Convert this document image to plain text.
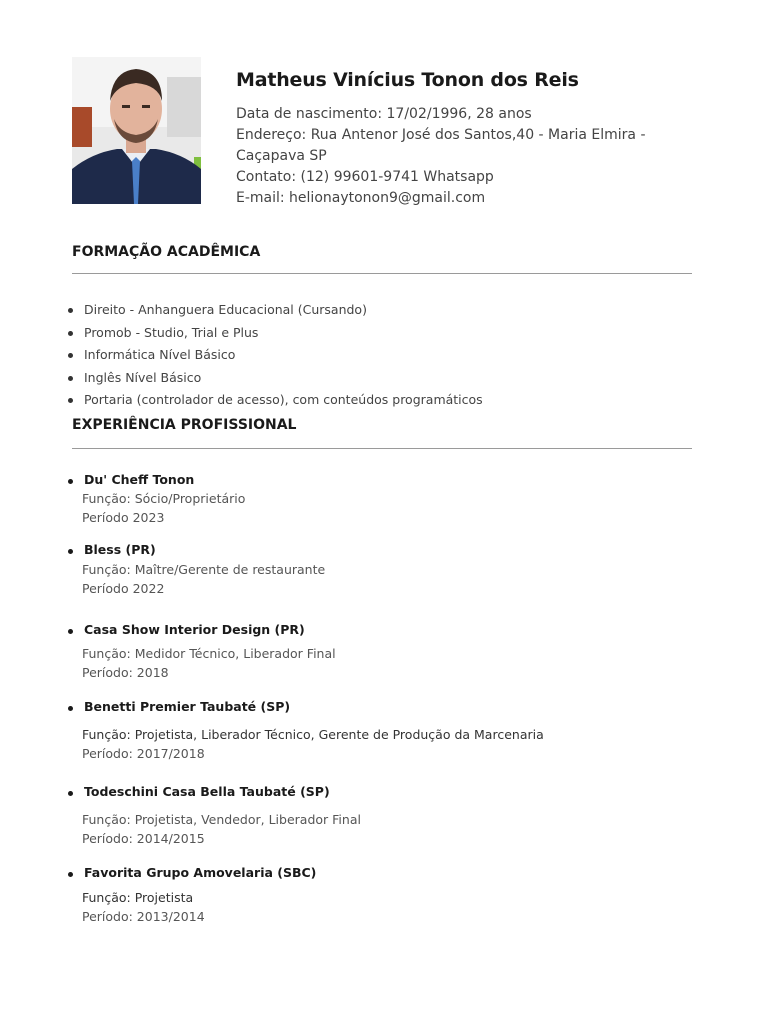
Matheus Vinícius Tonon dos Reis
Data de nascimento: 17/02/1996, 28 anos
Endereço: Rua Antenor José dos Santos,40 - Maria Elmira -
Caçapava SP
Contato: (12) 99601-9741 Whatsapp
E-mail: helionaytonon9@gmail.com
FORMAÇÃO ACADÊMICA
Direito - Anhanguera Educacional (Cursando)
Promob - Studio, Trial e Plus
Informática Nível Básico
Inglês Nível Básico
Portaria (controlador de acesso), com conteúdos programáticos
EXPERIÊNCIA PROFISSIONAL
Du' Cheff Tonon
Função: Sócio/Proprietário
Período 2023
Bless (PR)
Função: Maître/Gerente de restaurante
Período 2022
Casa Show Interior Design (PR)
Função: Medidor Técnico, Liberador Final
Período: 2018
Benetti Premier Taubaté (SP)
Função: Projetista, Liberador Técnico, Gerente de Produção da Marcenaria
Período: 2017/2018
Todeschini Casa Bella Taubaté (SP)
Função: Projetista, Vendedor, Liberador Final
Período: 2014/2015
Favorita Grupo Amovelaria (SBC)
Função: Projetista
Período: 2013/2014
